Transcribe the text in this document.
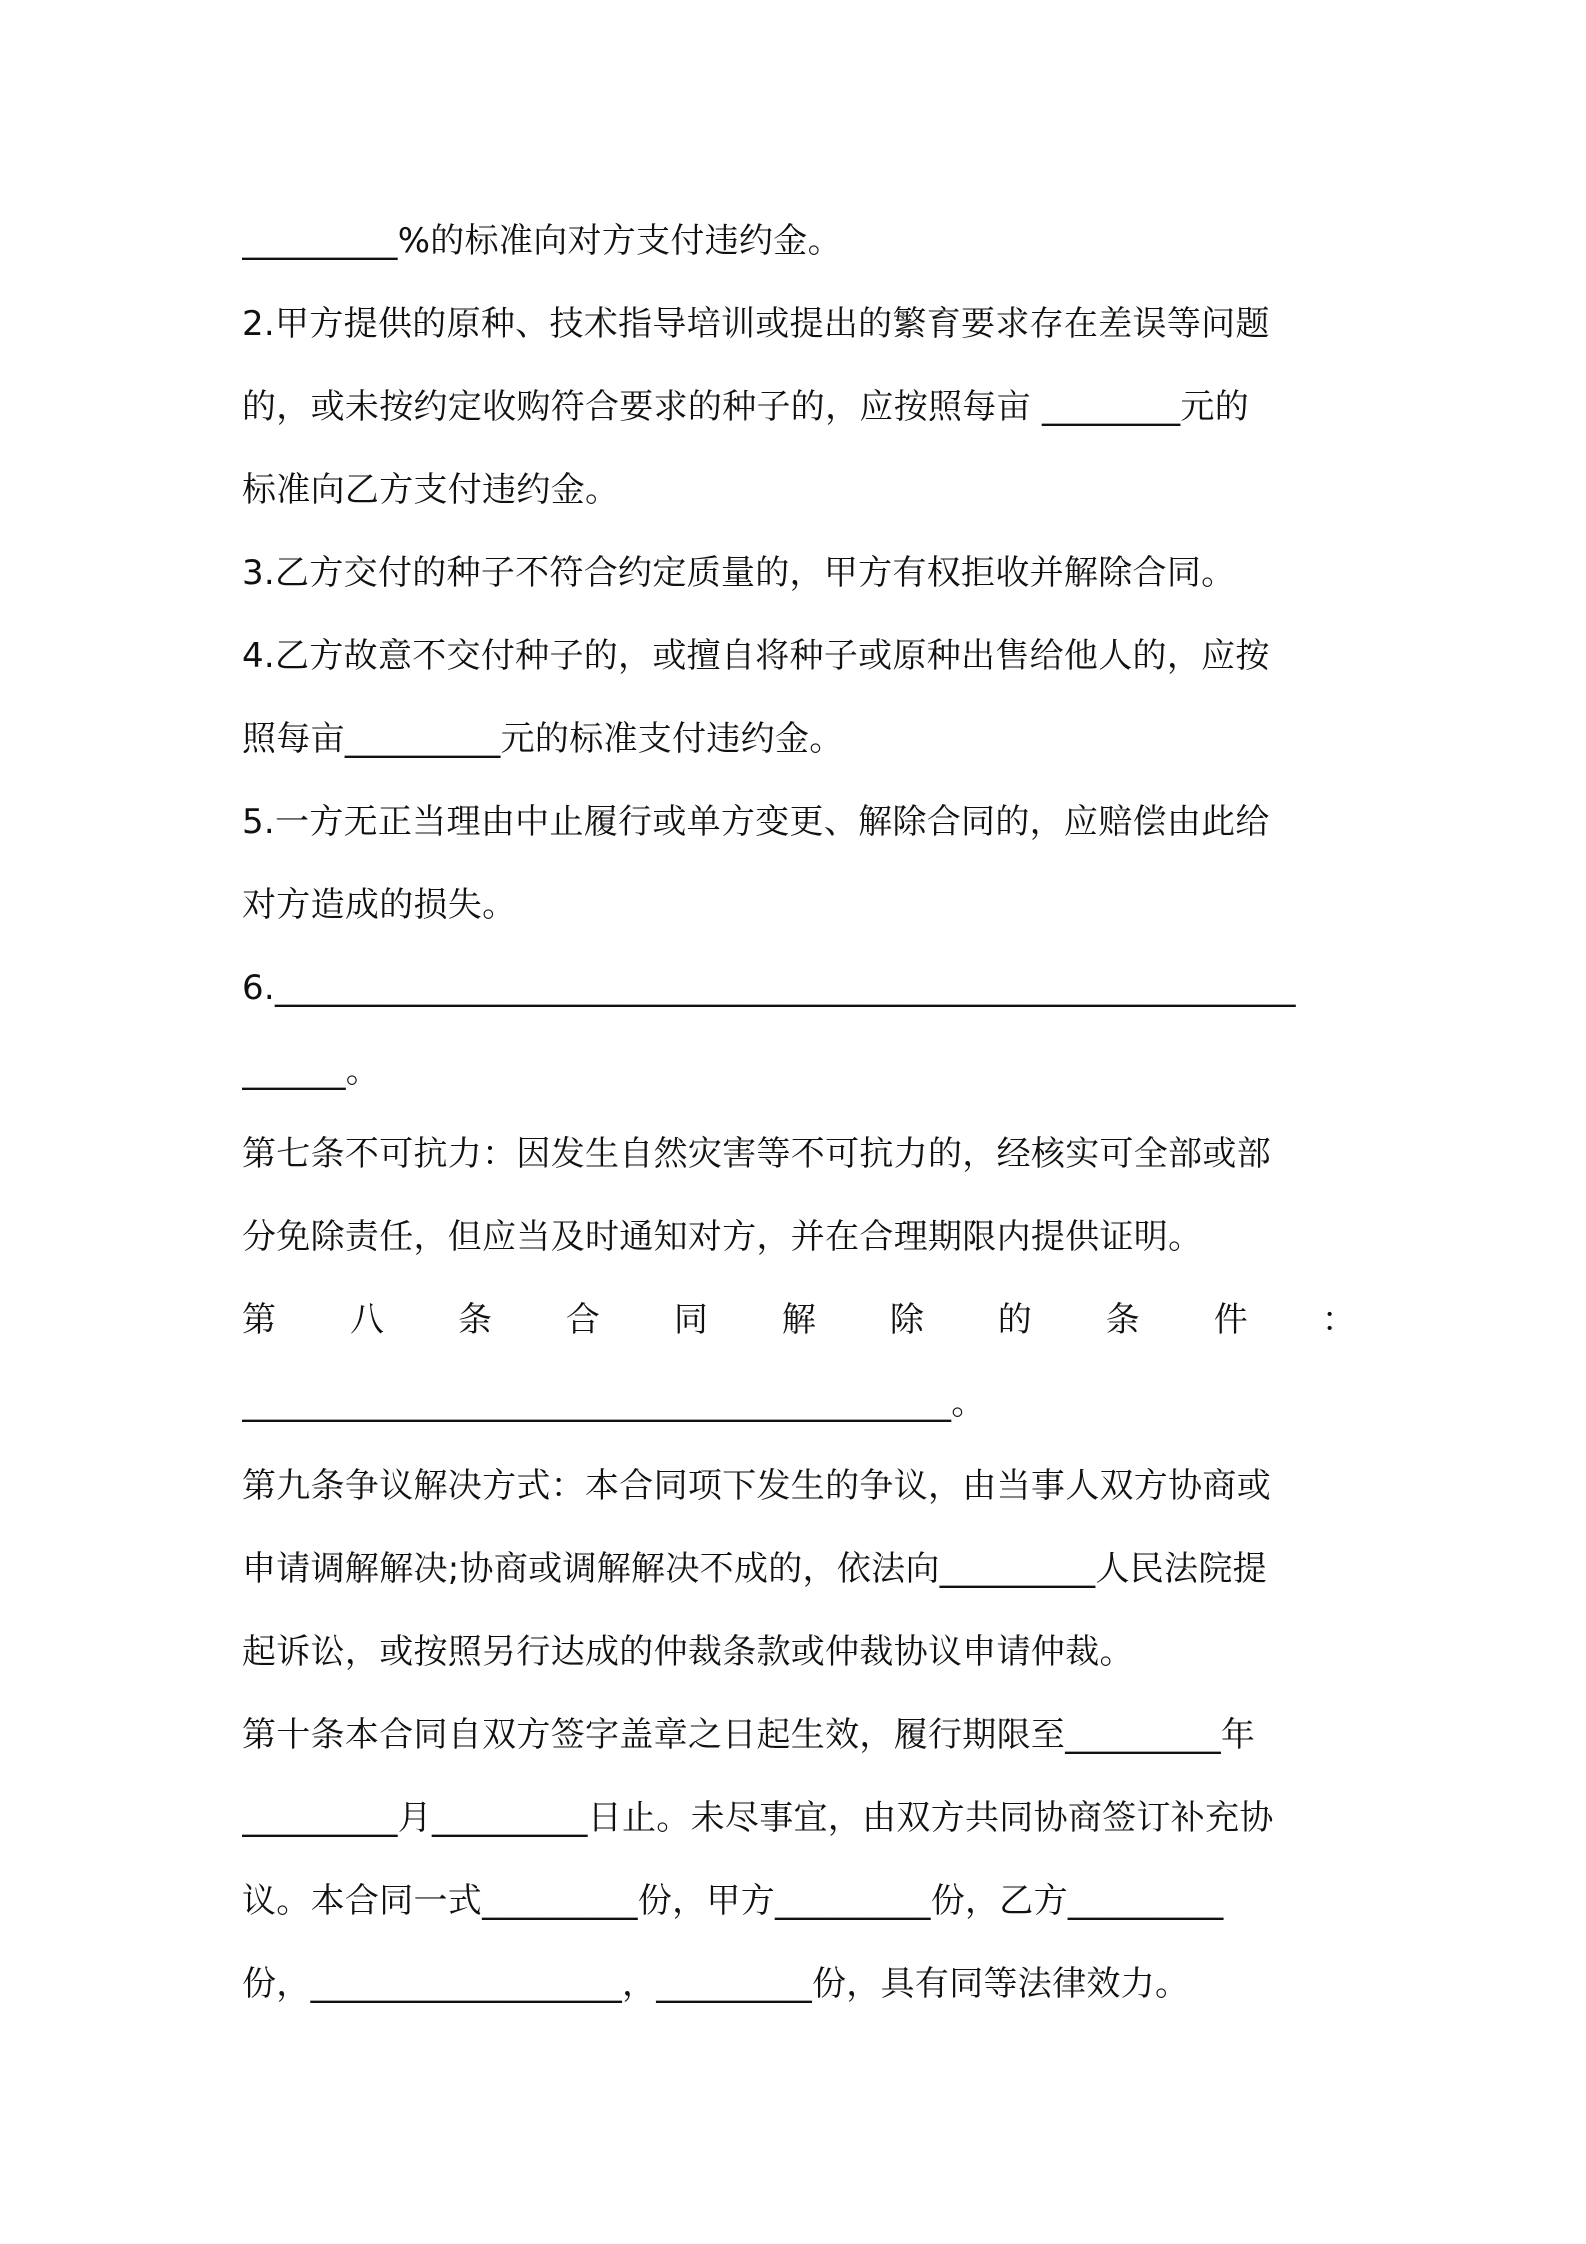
_________%的标准向对方支付违约金。
2.甲方提供的原种、技术指导培训或提出的繁育要求存在差误等问题
的，或未按约定收购符合要求的种子的，应按照每亩 ________元的
标准向乙方支付违约金。
3.乙方交付的种子不符合约定质量的，甲方有权拒收并解除合同。
4.乙方故意不交付种子的，或擅自将种子或原种出售给他人的，应按
照每亩_________元的标准支付违约金。
5.一方无正当理由中止履行或单方变更、解除合同的，应赔偿由此给
对方造成的损失。
6.___________________________________________________________
______。
第七条不可抗力：因发生自然灾害等不可抗力的，经核实可全部或部
分免除责任，但应当及时通知对方，并在合理期限内提供证明。
第 八 条 合 同 解 除 的 条 件 ：
_________________________________________。
第九条争议解决方式：本合同项下发生的争议，由当事人双方协商或
申请调解解决;协商或调解解决不成的，依法向_________人民法院提
起诉讼，或按照另行达成的仲裁条款或仲裁协议申请仲裁。
第十条本合同自双方签字盖章之日起生效，履行期限至_________年
_________月_________日止。未尽事宜，由双方共同协商签订补充协
议。本合同一式_________份，甲方_________份，乙方_________
份，__________________，_________份，具有同等法律效力。
